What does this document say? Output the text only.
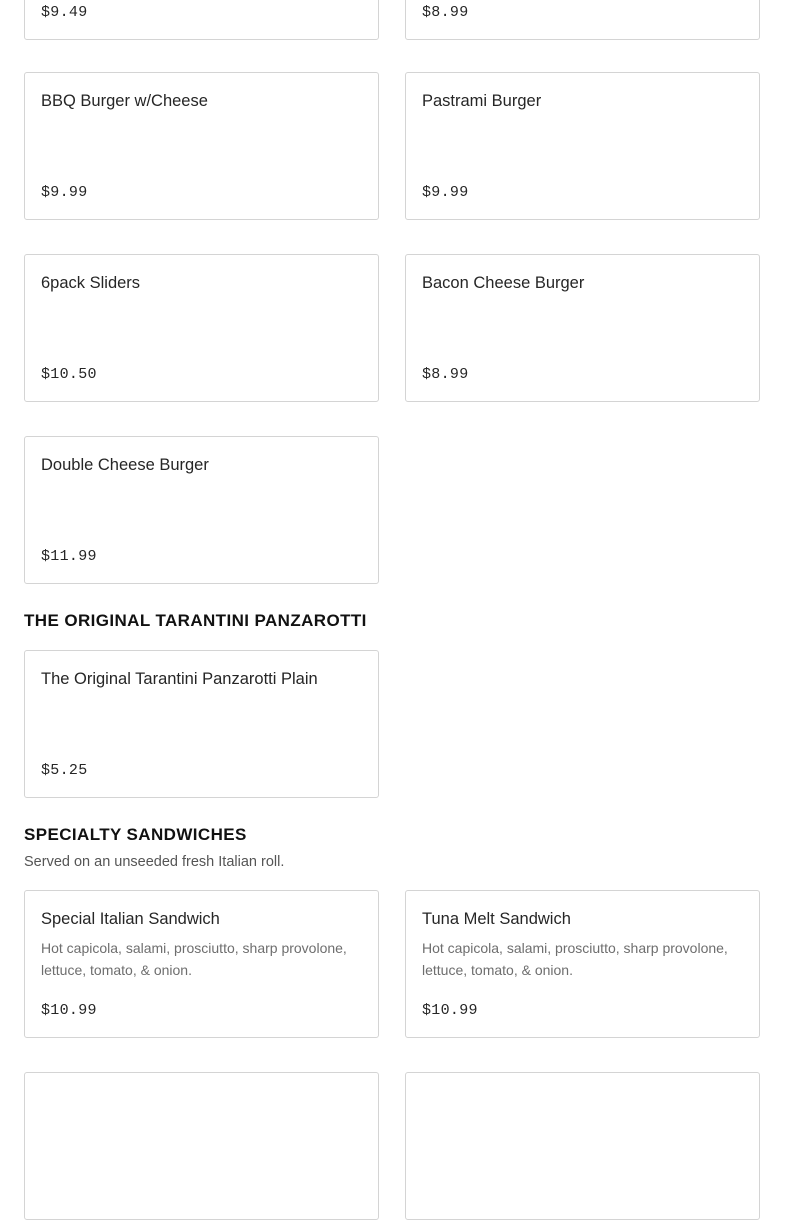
$9.49	$8.99
BBQ Burger w/Cheese
$9.99
Pastrami Burger
$9.99
6pack Sliders
$10.50
Bacon Cheese Burger
$8.99
Double Cheese Burger
$11.99
THE ORIGINAL TARANTINI PANZAROTTI
The Original Tarantini Panzarotti Plain
$5.25
SPECIALTY SANDWICHES
Served on an unseeded fresh Italian roll.
Special Italian Sandwich
Hot capicola, salami, prosciutto, sharp provolone, lettuce, tomato, & onion.
$10.99
Tuna Melt Sandwich
Hot capicola, salami, prosciutto, sharp provolone, lettuce, tomato, & onion.
$10.99
